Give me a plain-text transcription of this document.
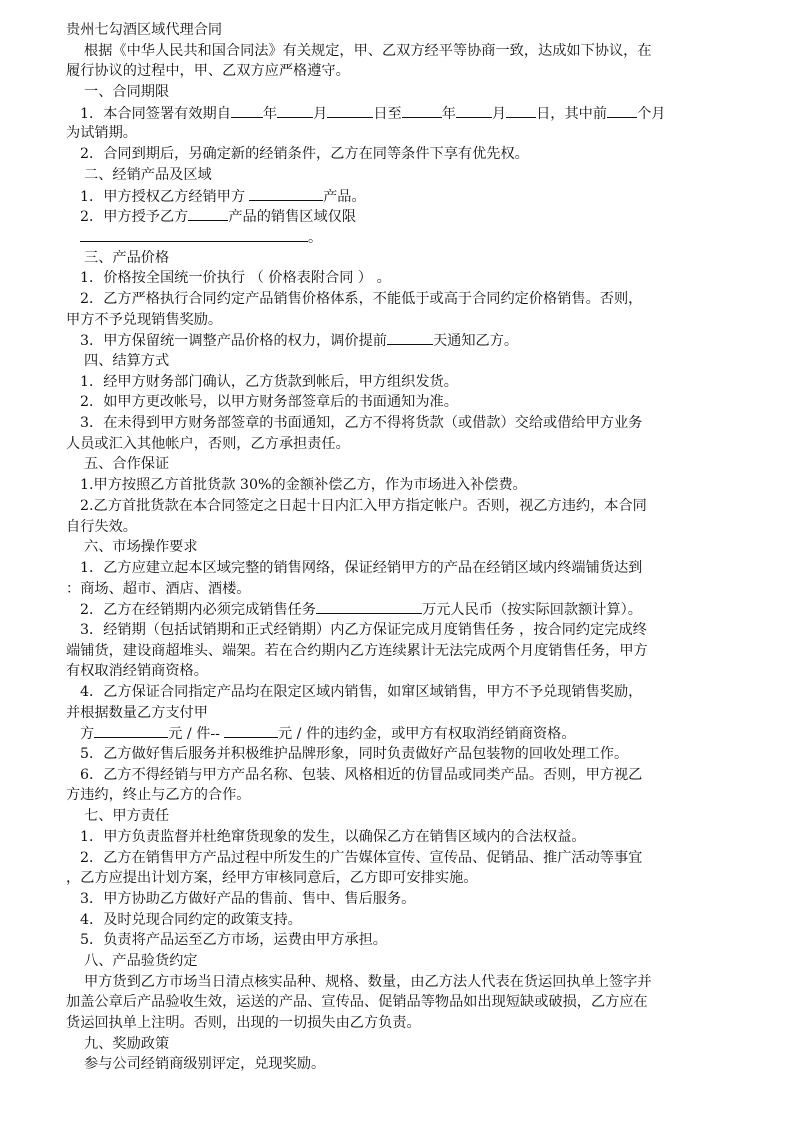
贵州七勾酒区域代理合同
根据《中华人民共和国合同法》有关规定，甲、乙双方经平等协商一致，达成如下协议，在
履行协议的过程中，甲、乙双方应严格遵守。
一、合同期限
1．本合同签署有效期自 年	月	日至	年	月 日，其中前 个月
为试销期。
2．合同到期后，另确定新的经销条件，乙方在同等条件下享有优先权。
二、经销产品及区域
1．甲方授权乙方经销甲方	产品。
2．甲方授予乙方	产品的销售区域仅限
。
三、产品价格
1．价格按全国统一价执行 （ 价格表附合同 ） 。
2．乙方严格执行合同约定产品销售价格体系，不能低于或高于合同约定价格销售。否则，
甲方不予兑现销售奖励。
3．甲方保留统一调整产品价格的权力，调价提前	天通知乙方。
四、结算方式
1．经甲方财务部门确认，乙方货款到帐后，甲方组织发货。
2．如甲方更改帐号，以甲方财务部签章后的书面通知为准。
3．在未得到甲方财务部签章的书面通知，乙方不得将货款（或借款）交给或借给甲方业务
人员或汇入其他帐户，否则，乙方承担责任。
五、合作保证
1.甲方按照乙方首批货款 30%的金额补偿乙方，作为市场进入补偿费。
2.乙方首批货款在本合同签定之日起十日内汇入甲方指定帐户。否则，视乙方违约，本合同
自行失效。
六、市场操作要求
1．乙方应建立起本区域完整的销售网络，保证经销甲方的产品在经销区域内终端铺货达到
：商场、超市、酒店、酒楼。
2．乙方在经销期内必须完成销售任务	万元人民币（按实际回款额计算）。
3．经销期（包括试销期和正式经销期）内乙方保证完成月度销售任务 ，按合同约定完成终
端铺货，建设商超堆头、端架。若在合约期内乙方连续累计无法完成两个月度销售任务，甲方
有权取消经销商资格。
4．乙方保证合同指定产品均在限定区域内销售，如窜区域销售，甲方不予兑现销售奖励，
并根据数量乙方支付甲
方	元 / 件--	元 / 件的违约金，或甲方有权取消经销商资格。
5．乙方做好售后服务并积极维护品牌形象，同时负责做好产品包装物的回收处理工作。
6．乙方不得经销与甲方产品名称、包装、风格相近的仿冒品或同类产品。否则，甲方视乙
方违约，终止与乙方的合作。
七、甲方责任
1．甲方负责监督并杜绝窜货现象的发生，以确保乙方在销售区域内的合法权益。
2．乙方在销售甲方产品过程中所发生的广告媒体宣传、宣传品、促销品、推广活动等事宜
，乙方应提出计划方案，经甲方审核同意后，乙方即可安排实施。
3．甲方协助乙方做好产品的售前、售中、售后服务。
4．及时兑现合同约定的政策支持。
5．负责将产品运至乙方市场，运费由甲方承担。
八、产品验货约定
甲方货到乙方市场当日清点核实品种、规格、数量，由乙方法人代表在货运回执单上签字并
加盖公章后产品验收生效，运送的产品、宣传品、促销品等物品如出现短缺或破损，乙方应在
货运回执单上注明。否则，出现的一切损失由乙方负责。
九、奖励政策
参与公司经销商级别评定，兑现奖励。
